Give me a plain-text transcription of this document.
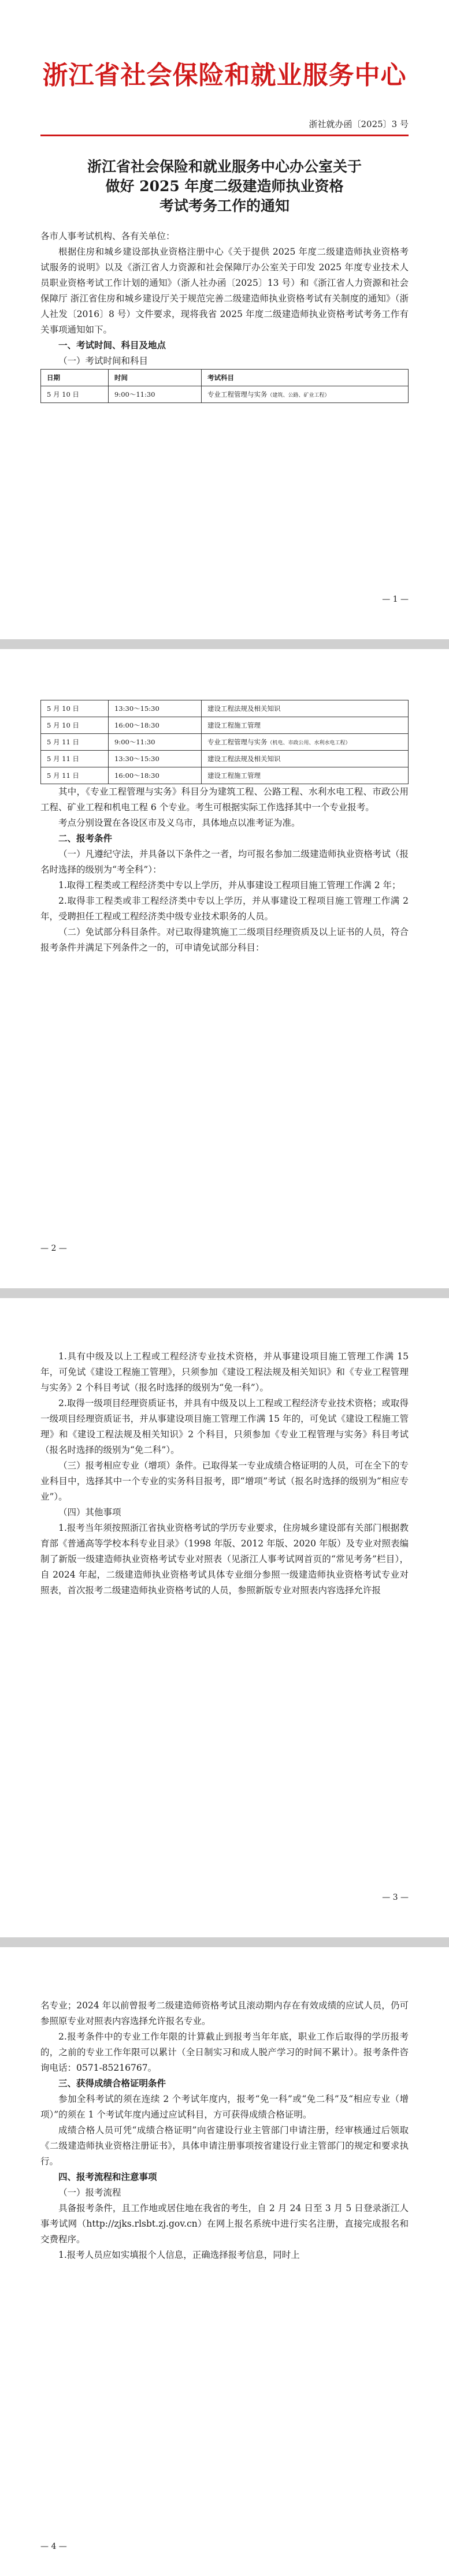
浙江省社会保险和就业服务中心
浙社就办函〔2025〕3 号
浙江省社会保险和就业服务中心办公室关于
做好 2025 年度二级建造师执业资格
考试考务工作的通知

各市人事考试机构、各有关单位：

根据住房和城乡建设部执业资格注册中心《关于提供 2025 年度二级建造师执业资格考试服务的说明》以及《浙江省人力资源和社会保障厅办公室关于印发 2025 年度专业技术人员职业资格考试工作计划的通知》（浙人社办函〔2025〕13 号）和《浙江省人力资源和社会保障厅 浙江省住房和城乡建设厅关于规范完善二级建造师执业资格考试有关制度的通知》（浙人社发〔2016〕8 号）文件要求，现将我省 2025 年度二级建造师执业资格考试考务工作有关事项通知如下。

一、考试时间、科目及地点

（一）考试时间和科目

日期	时间	考试科目
5 月 10 日	9:00～11:30	专业工程管理与实务（建筑、公路、矿业工程）
— 1 —
5 月 10 日	13:30～15:30	建设工程法规及相关知识
5 月 10 日	16:00～18:30	建设工程施工管理
5 月 11 日	9:00～11:30	专业工程管理与实务（机电、市政公用、水利水电工程）
5 月 11 日	13:30～15:30	建设工程法规及相关知识
5 月 11 日	16:00～18:30	建设工程施工管理

其中，《专业工程管理与实务》科目分为建筑工程、公路工程、水利水电工程、市政公用工程、矿业工程和机电工程 6 个专业。考生可根据实际工作选择其中一个专业报考。

考点分别设置在各设区市及义乌市，具体地点以准考证为准。

二、报考条件

（一）凡遵纪守法，并具备以下条件之一者，均可报名参加二级建造师执业资格考试（报名时选择的级别为“考全科”）：

1.取得工程类或工程经济类中专以上学历，并从事建设工程项目施工管理工作满 2 年；

2.取得非工程类或非工程经济类中专以上学历，并从事建设工程项目施工管理工作满 2 年，受聘担任工程或工程经济类中级专业技术职务的人员。

（二）免试部分科目条件。对已取得建筑施工二级项目经理资质及以上证书的人员，符合报考条件并满足下列条件之一的，可申请免试部分科目：

— 2 —

1.具有中级及以上工程或工程经济专业技术资格，并从事建设项目施工管理工作满 15 年，可免试《建设工程施工管理》，只须参加《建设工程法规及相关知识》和《专业工程管理与实务》2 个科目考试（报名时选择的级别为“免一科”）。

2.取得一级项目经理资质证书，并具有中级及以上工程或工程经济专业技术资格；或取得一级项目经理资质证书，并从事建设项目施工管理工作满 15 年的，可免试《建设工程施工管理》和《建设工程法规及相关知识》2 个科目，只须参加《专业工程管理与实务》科目考试（报名时选择的级别为“免二科”）。

（三）报考相应专业（增项）条件。已取得某一专业成绩合格证明的人员，可在全下的专业科目中，选择其中一个专业的实务科目报考，即“增项”考试（报名时选择的级别为“相应专业”）。

（四）其他事项

1.报考当年须按照浙江省执业资格考试的学历专业要求，住房城乡建设部有关部门根据教育部《普通高等学校本科专业目录》（1998 年版、2012 年版、2020 年版）及专业对照表编制了新版一级建造师执业资格考试专业对照表（见浙江人事考试网首页的“常见考务”栏目），自 2024 年起，二级建造师执业资格考试具体专业细分参照一级建造师执业资格考试专业对照表，首次报考二级建造师执业资格考试的人员，参照新版专业对照表内容选择允许报

— 3 —

名专业；2024 年以前曾报考二级建造师资格考试且滚动期内存在有效成绩的应试人员，仍可参照原专业对照表内容选择允许报名专业。

2.报考条件中的专业工作年限的计算截止到报考当年年底，职业工作后取得的学历报考的，之前的专业工作年限可以累计（全日制实习和成人脱产学习的时间不累计）。报考条件咨询电话：0571-85216767。

三、获得成绩合格证明条件

参加全科考试的须在连续 2 个考试年度内，报考“免一科”或“免二科”及“相应专业（增项）”的须在 1 个考试年度内通过应试科目，方可获得成绩合格证明。

成绩合格人员可凭“成绩合格证明”向省建设行业主管部门申请注册，经审核通过后领取《二级建造师执业资格注册证书》，具体申请注册事项按省建设行业主管部门的规定和要求执行。

四、报考流程和注意事项

（一）报考流程

具备报考条件，且工作地或居住地在我省的考生，自 2 月 24 日至 3 月 5 日登录浙江人事考试网（http://zjks.rlsbt.zj.gov.cn）在网上报名系统中进行实名注册，直接完成报名和交费程序。

1.报考人员应如实填报个人信息，正确选择报考信息，同时上

— 4 —
